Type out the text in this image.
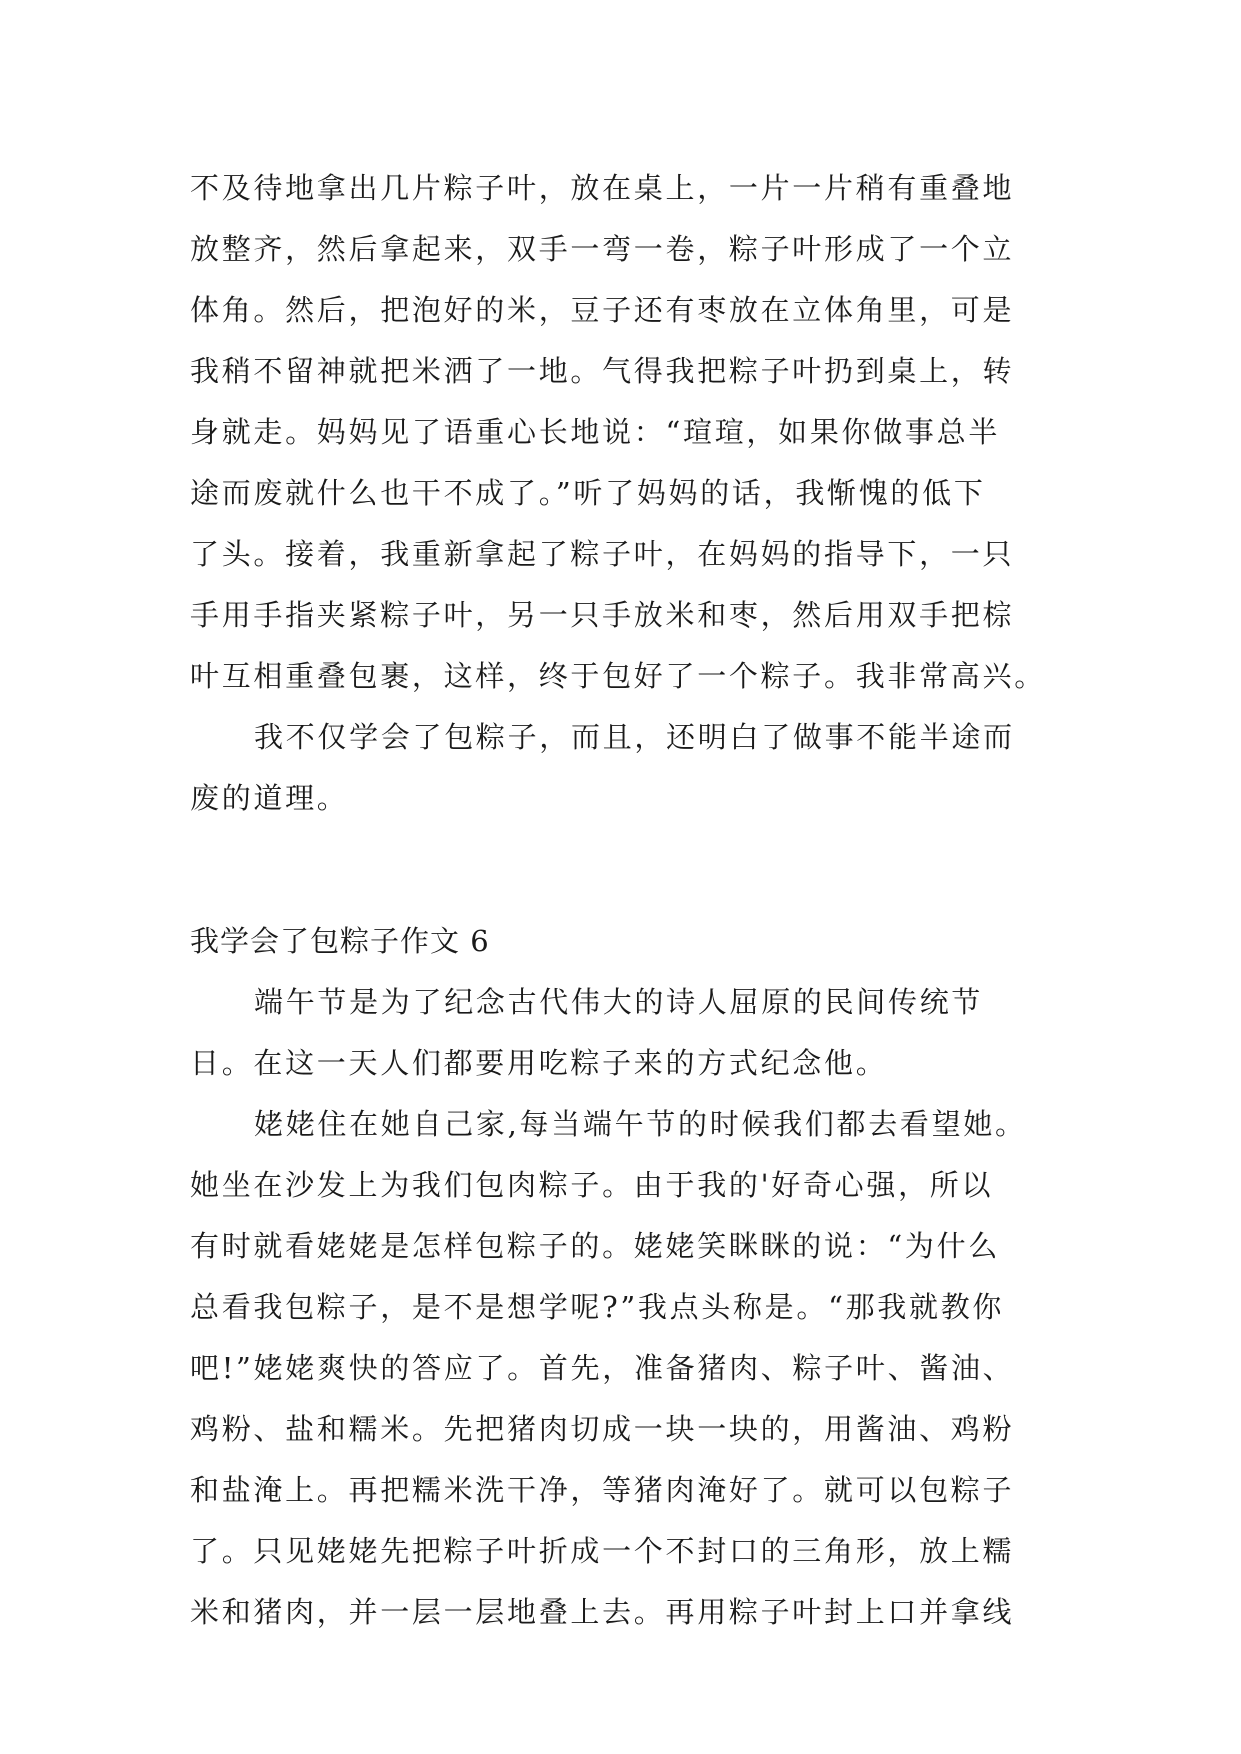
不及待地拿出几片粽子叶，放在桌上，一片一片稍有重叠地
放整齐，然后拿起来，双手一弯一卷，粽子叶形成了一个立
体角。然后，把泡好的米，豆子还有枣放在立体角里，可是
我稍不留神就把米洒了一地。气得我把粽子叶扔到桌上，转
身就走。妈妈见了语重心长地说：“瑄瑄，如果你做事总半
途而废就什么也干不成了。”听了妈妈的话，我惭愧的低下
了头。接着，我重新拿起了粽子叶，在妈妈的指导下，一只
手用手指夹紧粽子叶，另一只手放米和枣，然后用双手把棕
叶互相重叠包裹，这样，终于包好了一个粽子。我非常高兴。
我不仅学会了包粽子，而且，还明白了做事不能半途而
废的道理。
我学会了包粽子作文 6
端午节是为了纪念古代伟大的诗人屈原的民间传统节
日。在这一天人们都要用吃粽子来的方式纪念他。
姥姥住在她自己家,每当端午节的时候我们都去看望她。
她坐在沙发上为我们包肉粽子。由于我的'好奇心强，所以
有时就看姥姥是怎样包粽子的。姥姥笑眯眯的说：“为什么
总看我包粽子，是不是想学呢?”我点头称是。“那我就教你
吧!”姥姥爽快的答应了。首先，准备猪肉、粽子叶、酱油、
鸡粉、盐和糯米。先把猪肉切成一块一块的，用酱油、鸡粉
和盐淹上。再把糯米洗干净，等猪肉淹好了。就可以包粽子
了。只见姥姥先把粽子叶折成一个不封口的三角形，放上糯
米和猪肉，并一层一层地叠上去。再用粽子叶封上口并拿线
